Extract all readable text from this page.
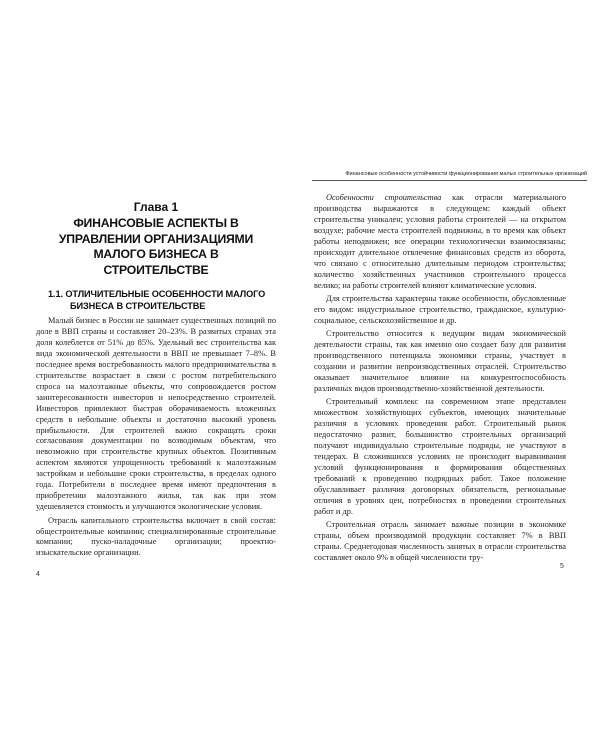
Финансовые особенности устойчивости функционирования малых строительных организаций
Глава 1
ФИНАНСОВЫЕ АСПЕКТЫ В УПРАВЛЕНИИ ОРГАНИЗАЦИЯМИ МАЛОГО БИЗНЕСА В СТРОИТЕЛЬСТВЕ
1.1. ОТЛИЧИТЕЛЬНЫЕ ОСОБЕННОСТИ МАЛОГО
БИЗНЕСА В СТРОИТЕЛЬСТВЕ

Малый бизнес в России не занимает существенных позиций по доле в ВВП страны и составляет 20–23%. В развитых странах эта доля колеблется от 51% до 85%. Удельный вес строительства как вида экономической деятельности в ВВП не превышает 7–8%. В последнее время востребованность малого предпринимательства в строительстве возрастает в связи с ростом потребительского спроса на малоэтажные объекты, что сопровождается ростом заинтересованности инвесторов и непосредственно строителей. Инвесторов привлекают быстрая оборачиваемость вложенных средств в небольшие объекты и достаточно высокий уровень прибыльности. Для строителей важно сокращать сроки согласования документации по возводимым объектам, что невозможно при строительстве крупных объектов. Позитивным аспектом являются упрощенность требований к малоэтажным застройкам и небольшие сроки строительства, в пределах одного года. Потребители в последнее время имеют предпочтения в приобретении малоэтажного жилья, так как при этом удешевляется стоимость и улучшаются экологические условия.

Отрасль капитального строительства включает в свой состав: общестроительные компании; специализированные строительные компании; пуско-наладочные организации; проектно-изыскательские организации.

Особенности строительства как отрасли материального производства выражаются в следующем: каждый объект строительства уникален; условия работы строителей — на открытом воздухе; рабочие места строителей подвижны, в то время как объект работы неподвижен; все операции технологически взаимосвязаны; происходит длительное отвлечение финансовых средств из оборота, что связано с относительно длительным периодом строительства; количество хозяйственных участников строительного процесса велико; на работы строителей влияют климатические условия.

Для строительства характерны также особенности, обусловленные его видом: индустриальное строительство, гражданское, культурно-социальное, сельскохозяйственное и др.

Строительство относится к ведущим видам экономической деятельности страны, так как именно оно создает базу для развития производственного потенциала экономики страны, участвует в создании и развитии непроизводственных отраслей. Строительство оказывает значительное влияние на конкурентоспособность различных видов производственно-хозяйственной деятельности.

Строительный комплекс на современном этапе представлен множеством хозяйствующих субъектов, имеющих значительные различия в условиях проведения работ. Строительный рынок недостаточно развит, большинство строительных организаций получают индивидуально строительные подряды, не участвуют в тендерах. В сложившихся условиях не происходит выравнивания условий функционирования и формирования общественных требований к проведению подрядных работ. Такое положение обуславливает различия договорных обязательств, региональные отличия в уровнях цен, потребностях в проведении строительных работ и др.

Строительная отрасль занимает важные позиции в экономике страны, объем производимой продукции составляет 7% в ВВП страны. Среднегодовая численность занятых в отрасли строительства составляет около 9% в общей численности тру-

4
5
